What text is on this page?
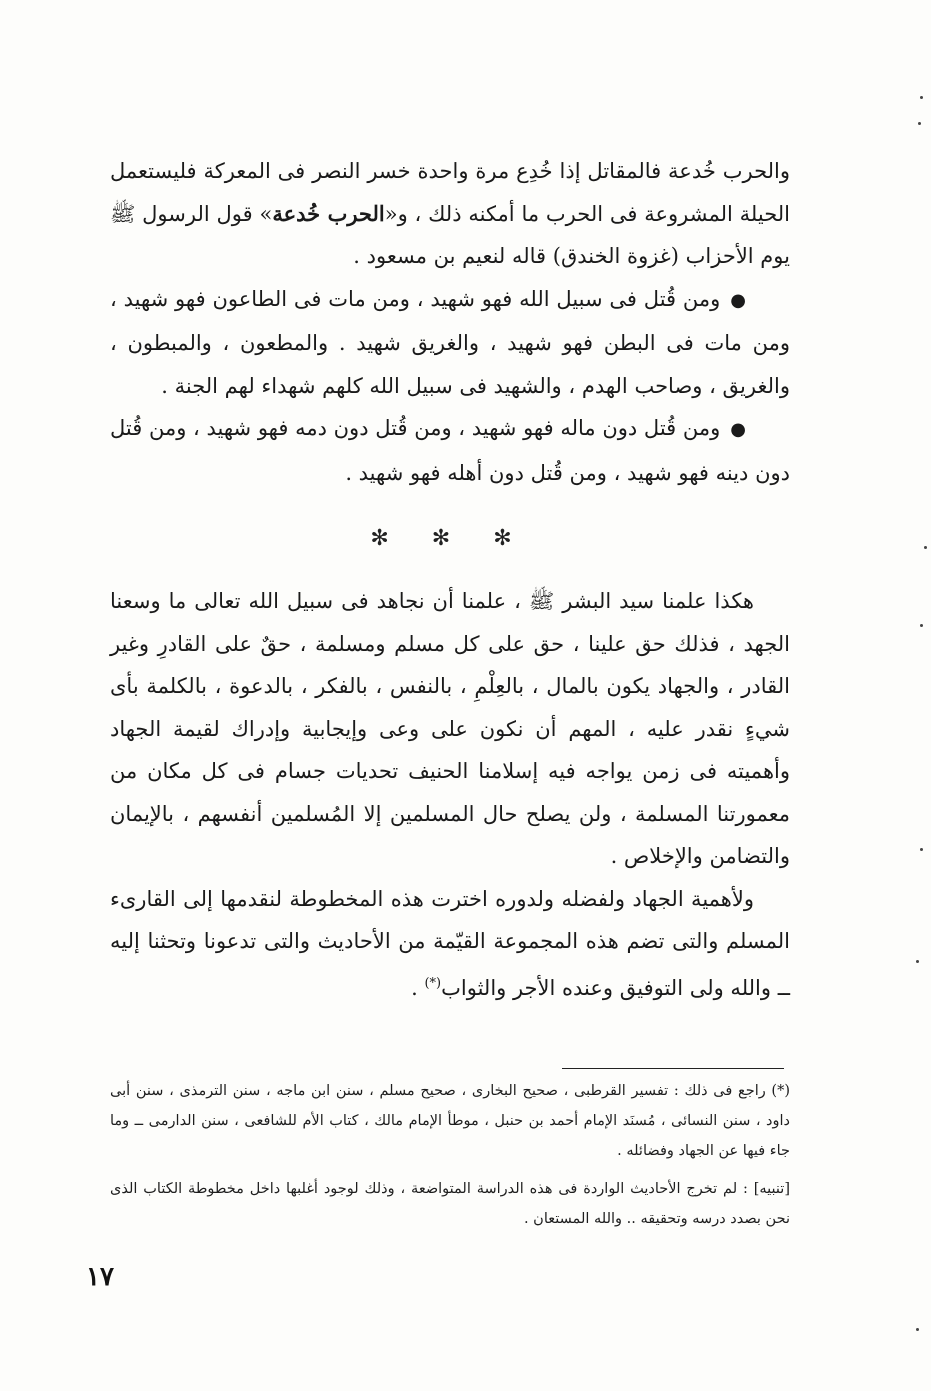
والحرب خُدعة فالمقاتل إذا خُدِع مرة واحدة خسر النصر فى المعركة فليستعمل الحيلة المشروعة فى الحرب ما أمكنه ذلك ، و«الحرب خُدعة» قول الرسول ﷺ يوم الأحزاب (غزوة الخندق) قاله لنعيم بن مسعود .

●ومن قُتل فى سبيل الله فهو شهيد ، ومن مات فى الطاعون فهو شهيد ، ومن مات فى البطن فهو شهيد ، والغريق شهيد . والمطعون ، والمبطون ، والغريق ، وصاحب الهدم ، والشهيد فى سبيل الله كلهم شهداء لهم الجنة .

●ومن قُتل دون ماله فهو شهيد ، ومن قُتل دون دمه فهو شهيد ، ومن قُتل دون دينه فهو شهيد ، ومن قُتل دون أهله فهو شهيد .

✻ ✻ ✻

هكذا علمنا سيد البشر ﷺ ، علمنا أن نجاهد فى سبيل الله تعالى ما وسعنا الجهد ، فذلك حق علينا ، حق على كل مسلم ومسلمة ، حقٌ على القادرِ وغير القادر ، والجهاد يكون بالمال ، بالعِلْمِ ، بالنفس ، بالفكر ، بالدعوة ، بالكلمة بأى شيءٍ نقدر عليه ، المهم أن نكون على وعى وإيجابية وإدراك لقيمة الجهاد وأهميته فى زمن يواجه فيه إسلامنا الحنيف تحديات جسام فى كل مكان من معمورتنا المسلمة ، ولن يصلح حال المسلمين إلا المُسلمين أنفسهم ، بالإيمان والتضامن والإخلاص .

ولأهمية الجهاد ولفضله ولدوره اخترت هذه المخطوطة لنقدمها إلى القارىء المسلم والتى تضم هذه المجموعة القيّمة من الأحاديث والتى تدعونا وتحثنا إليه ــ والله ولى التوفيق وعنده الأجر والثواب(*) .

(*) راجع فى ذلك : تفسير القرطبى ، صحيح البخارى ، صحيح مسلم ، سنن ابن ماجه ، سنن الترمذى ، سنن أبى داود ، سنن النسائى ، مُسنَد الإمام أحمد بن حنبل ، موطأ الإمام مالك ، كتاب الأم للشافعى ، سنن الدارمى ــ وما جاء فيها عن الجهاد وفضائله .

[تنبيه] : لم تخرج الأحاديث الواردة فى هذه الدراسة المتواضعة ، وذلك لوجود أغلبها داخل مخطوطة الكتاب الذى نحن بصدد درسه وتحقيقه .. والله المستعان .

١٧
